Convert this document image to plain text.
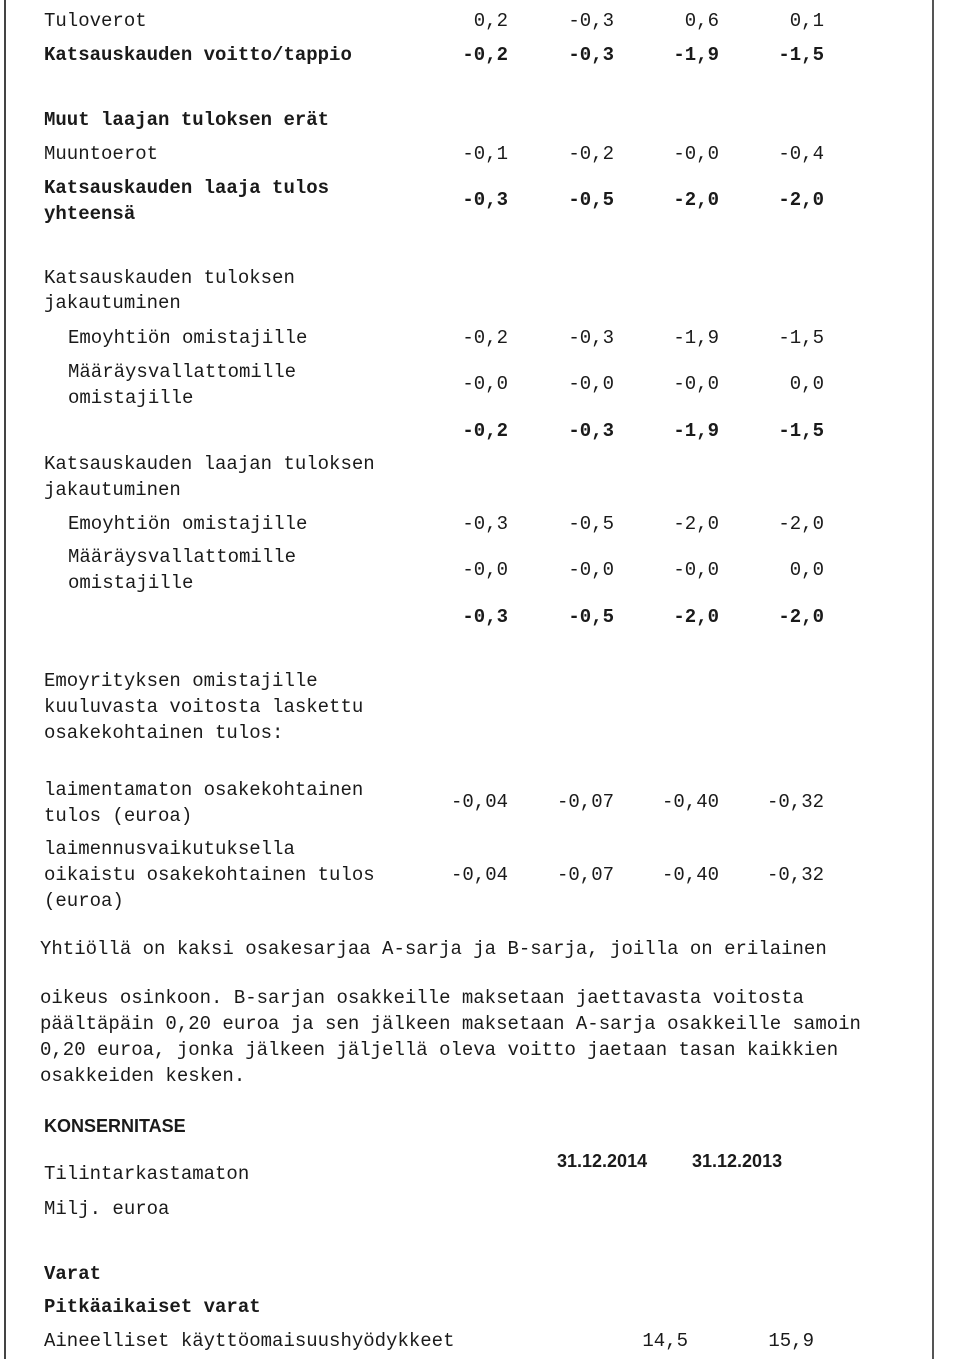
Tuloverot	0,2	-0,3	0,6	0,1
Katsauskauden voitto/tappio	-0,2	-0,3	-1,9	-1,5
Muut laajan tuloksen erät
Muuntoerot	-0,1	-0,2	-0,0	-0,4
Katsauskauden laaja tulos
yhteensä
-0,3	-0,5	-2,0	-2,0
Katsauskauden tuloksen
jakautuminen
Emoyhtiön omistajille	-0,2	-0,3	-1,9	-1,5
Määräysvallattomille
omistajille
-0,0	-0,0	-0,0	0,0
-0,2	-0,3	-1,9	-1,5
Katsauskauden laajan tuloksen
jakautuminen
Emoyhtiön omistajille	-0,3	-0,5	-2,0	-2,0
Määräysvallattomille
omistajille
-0,0	-0,0	-0,0	0,0
-0,3	-0,5	-2,0	-2,0
Emoyrityksen omistajille
kuuluvasta voitosta laskettu
osakekohtainen tulos:
laimentamaton osakekohtainen
tulos (euroa)
-0,04	-0,07	-0,40	-0,32
laimennusvaikutuksella
oikaistu osakekohtainen tulos
(euroa)
-0,04	-0,07	-0,40	-0,32
Yhtiöllä on kaksi osakesarjaa A-sarja ja B-sarja, joilla on erilainen
oikeus osinkoon. B-sarjan osakkeille maksetaan jaettavasta voitosta
päältäpäin 0,20 euroa ja sen jälkeen maksetaan A-sarja osakkeille samoin
0,20 euroa, jonka jälkeen jäljellä oleva voitto jaetaan tasan kaikkien
osakkeiden kesken.
KONSERNITASE
Tilintarkastamaton
31.12.2014 31.12.2013
Milj. euroa
Varat
Pitkäaikaiset varat
Aineelliset käyttöomaisuushyödykkeet	14,5	15,9
